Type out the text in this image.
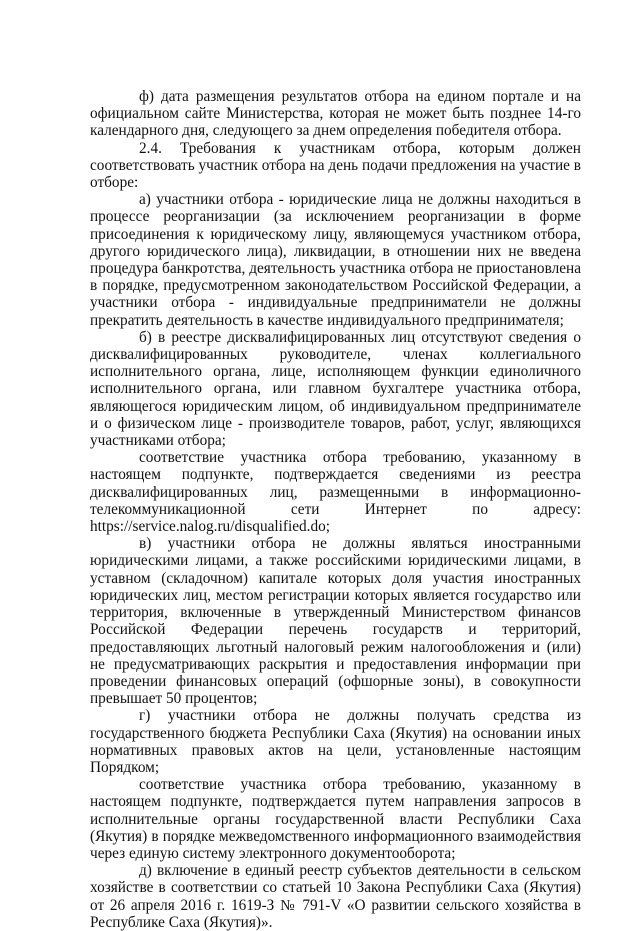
ф) дата размещения результатов отбора на едином портале и на официальном сайте Министерства, которая не может быть позднее 14-го календарного дня, следующего за днем определения победителя отбора.

2.4. Требования к участникам отбора, которым должен соответствовать участник отбора на день подачи предложения на участие в отборе:

а) участники отбора - юридические лица не должны находиться в процессе реорганизации (за исключением реорганизации в форме присоединения к юридическому лицу, являющемуся участником отбора, другого юридического лица), ликвидации, в отношении них не введена процедура банкротства, деятельность участника отбора не приостановлена в порядке, предусмотренном законодательством Российской Федерации, а участники отбора - индивидуальные предприниматели не должны прекратить деятельность в качестве индивидуального предпринимателя;

б) в реестре дисквалифицированных лиц отсутствуют сведения о дисквалифицированных руководителе, членах коллегиального исполнительного органа, лице, исполняющем функции единоличного исполнительного органа, или главном бухгалтере участника отбора, являющегося юридическим лицом, об индивидуальном предпринимателе и о физическом лице - производителе товаров, работ, услуг, являющихся участниками отбора;

соответствие участника отбора требованию, указанному в настоящем подпункте, подтверждается сведениями из реестра дисквалифицированных лиц, размещенными в информационно-телекоммуникационной сети Интернет по адресу: https://service.nalog.ru/disqualified.do;

в) участники отбора не должны являться иностранными юридическими лицами, а также российскими юридическими лицами, в уставном (складочном) капитале которых доля участия иностранных юридических лиц, местом регистрации которых является государство или территория, включенные в утвержденный Министерством финансов Российской Федерации перечень государств и территорий, предоставляющих льготный налоговый режим налогообложения и (или) не предусматривающих раскрытия и предоставления информации при проведении финансовых операций (офшорные зоны), в совокупности превышает 50 процентов;

г) участники отбора не должны получать средства из государственного бюджета Республики Саха (Якутия) на основании иных нормативных правовых актов на цели, установленные настоящим Порядком;

соответствие участника отбора требованию, указанному в настоящем подпункте, подтверждается путем направления запросов в исполнительные органы государственной власти Республики Саха (Якутия) в порядке межведомственного информационного взаимодействия через единую систему электронного документооборота;

д) включение в единый реестр субъектов деятельности в сельском хозяйстве в соответствии со статьей 10 Закона Республики Саха (Якутия) от 26 апреля 2016 г. 1619-З № 791-V «О развитии сельского хозяйства в Республике Саха (Якутия)».
